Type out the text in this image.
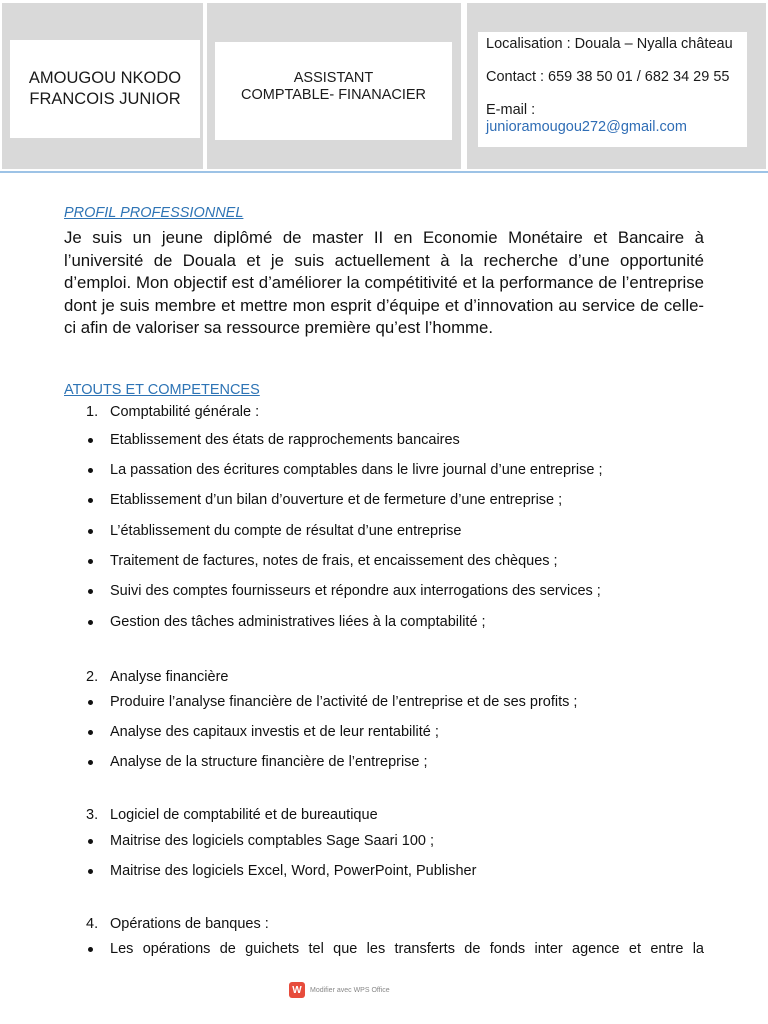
AMOUGOU NKODO
FRANCOIS JUNIOR
ASSISTANT
COMPTABLE- FINANACIER

Localisation : Douala – Nyalla château

Contact : 659 38 50 01 / 682 34 29 55

E-mail : junioramougou272@gmail.com

PROFIL PROFESSIONNEL

Je suis un jeune diplômé de master II en Economie Monétaire et Bancaire à l’université de Douala et je suis actuellement à la recherche d’une opportunité d’emploi. Mon objectif est d’améliorer la compétitivité et la performance de l’entreprise dont je suis membre et mettre mon esprit d’équipe et d’innovation au service de celle-ci afin de valoriser sa ressource première qu’est l’homme.

ATOUTS ET COMPETENCES

1. Comptabilité générale :
Etablissement des états de rapprochements bancaires
La passation des écritures comptables dans le livre journal d’une entreprise ;
Etablissement d’un bilan d’ouverture et de fermeture d’une entreprise ;
L’établissement du compte de résultat d’une entreprise
Traitement de factures, notes de frais, et encaissement des chèques ;
Suivi des comptes fournisseurs et répondre aux interrogations des services ;
Gestion des tâches administratives liées à la comptabilité ;
2. Analyse financière
Produire l’analyse financière de l’activité de l’entreprise et de ses profits ;
Analyse des capitaux investis et de leur rentabilité ;
Analyse de la structure financière de l’entreprise ;
3. Logiciel de comptabilité et de bureautique
Maitrise des logiciels comptables Sage Saari 100 ;
Maitrise des logiciels Excel, Word, PowerPoint, Publisher
4. Opérations de banques :
Les opérations de guichets tel que les transferts de fonds inter agence et entre la
W	Modifier avec WPS Office
